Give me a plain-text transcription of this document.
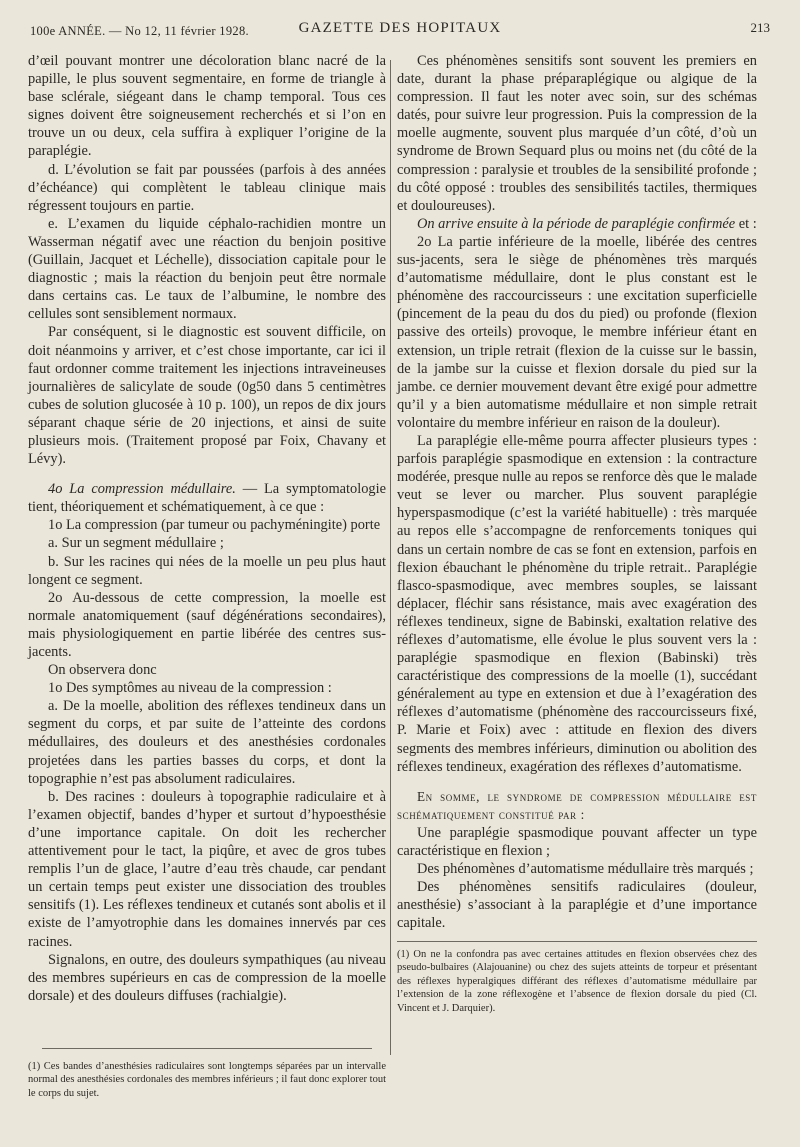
100e ANNÉE. — No 12, 11 février 1928.	GAZETTE DES HOPITAUX	213

d’œil pouvant montrer une décoloration blanc nacré de la papille, le plus souvent segmentaire, en forme de triangle à base sclérale, siégeant dans le champ temporal. Tous ces signes doivent être soigneusement recherchés et si l’on en trouve un ou deux, cela suffira à expliquer l’origine de la paraplégie.

d. L’évolution se fait par poussées (parfois à des années d’échéance) qui complètent le tableau clinique mais régressent toujours en partie.

e. L’examen du liquide céphalo-rachidien montre un Wasserman négatif avec une réaction du benjoin positive (Guillain, Jacquet et Léchelle), dissociation capitale pour le diagnostic ; mais la réaction du benjoin peut être normale dans certains cas. Le taux de l’albumine, le nombre des cellules sont sensiblement normaux.

Par conséquent, si le diagnostic est souvent difficile, on doit néanmoins y arriver, et c’est chose importante, car ici il faut ordonner comme traitement les injections intraveineuses journalières de salicylate de soude (0g50 dans 5 centimètres cubes de solution glucosée à 10 p. 100), un repos de dix jours séparant chaque série de 20 injections, et ainsi de suite plusieurs mois. (Traitement proposé par Foix, Chavany et Lévy).

4o La compression médullaire. — La symptomatologie tient, théoriquement et schématiquement, à ce que :

1o La compression (par tumeur ou pachyméningite) porte

a. Sur un segment médullaire ;

b. Sur les racines qui nées de la moelle un peu plus haut longent ce segment.

2o Au-dessous de cette compression, la moelle est normale anatomiquement (sauf dégénérations secondaires), mais physiologiquement en partie libérée des centres sus-jacents.

On observera donc

1o Des symptômes au niveau de la compression :

a. De la moelle, abolition des réflexes tendineux dans un segment du corps, et par suite de l’atteinte des cordons médullaires, des douleurs et des anesthésies cordonales projetées dans les parties basses du corps, et dont la topographie n’est pas absolument radiculaires.

b. Des racines : douleurs à topographie radiculaire et à l’examen objectif, bandes d’hyper et surtout d’hypoesthésie d’une importance capitale. On doit les rechercher attentivement pour le tact, la piqûre, et avec de gros tubes remplis l’un de glace, l’autre d’eau très chaude, car pendant un certain temps peut exister une dissociation des troubles sensitifs (1). Les réflexes tendineux et cutanés sont abolis et il existe de l’amyotrophie dans les domaines innervés par ces racines.

Signalons, en outre, des douleurs sympathiques (au niveau des membres supérieurs en cas de compression de la moelle dorsale) et des douleurs diffuses (rachialgie).

(1) Ces bandes d’anesthésies radiculaires sont longtemps séparées par un intervalle normal des anesthésies cordonales des membres inférieurs ; il faut donc explorer tout le corps du sujet.

Ces phénomènes sensitifs sont souvent les premiers en date, durant la phase préparaplégique ou algique de la compression. Il faut les noter avec soin, sur des schémas datés, pour suivre leur progression. Puis la compression de la moelle augmente, souvent plus marquée d’un côté, d’où un syndrome de Brown Sequard plus ou moins net (du côté de la compression : paralysie et troubles de la sensibilité profonde ; du côté opposé : troubles des sensibilités tactiles, thermiques et douloureuses).

On arrive ensuite à la période de paraplégie confirmée et :

2o La partie inférieure de la moelle, libérée des centres sus-jacents, sera le siège de phénomènes très marqués d’automatisme médullaire, dont le plus constant est le phénomène des raccourcisseurs : une excitation superficielle (pincement de la peau du dos du pied) ou profonde (flexion passive des orteils) provoque, le membre inférieur étant en extension, un triple retrait (flexion de la cuisse sur le bassin, de la jambe sur la cuisse et flexion dorsale du pied sur la jambe. ce dernier mouvement devant être exigé pour admettre qu’il y a bien automatisme médullaire et non simple retrait volontaire du membre inférieur en raison de la douleur).

La paraplégie elle-même pourra affecter plusieurs types : parfois paraplégie spasmodique en extension : la contracture modérée, presque nulle au repos se renforce dès que le malade veut se lever ou marcher. Plus souvent paraplégie hyperspasmodique (c’est la variété habituelle) : très marquée au repos elle s’accompagne de renforcements toniques qui dans un certain nombre de cas se font en extension, parfois en flexion ébauchant le phénomène du triple retrait.. Paraplégie flasco-spasmodique, avec membres souples, se laissant déplacer, fléchir sans résistance, mais avec exagération des réflexes tendineux, signe de Babinski, exaltation relative des réflexes d’automatisme, elle évolue le plus souvent vers la : paraplégie spasmodique en flexion (Babinski) très caractéristique des compressions de la moelle (1), succédant généralement au type en extension et due à l’exagération des réflexes d’automatisme (phénomène des raccourcisseurs fixé, P. Marie et Foix) avec : attitude en flexion des divers segments des membres inférieurs, diminution ou abolition des réflexes tendineux, exagération des réflexes d’automatisme.

En somme, le syndrome de compression médullaire est schématiquement constitué par :

Une paraplégie spasmodique pouvant affecter un type caractéristique en flexion ;

Des phénomènes d’automatisme médullaire très marqués ;

Des phénomènes sensitifs radiculaires (douleur, anesthésie) s’associant à la paraplégie et d’une importance capitale.

(1) On ne la confondra pas avec certaines attitudes en flexion observées chez des pseudo-bulbaires (Alajouanine) ou chez des sujets atteints de torpeur et présentant des réflexes hyperalgiques différant des réflexes d’automatisme médullaire par l’extension de la zone réflexogène et l’absence de flexion dorsale du pied (Cl. Vincent et J. Darquier).
